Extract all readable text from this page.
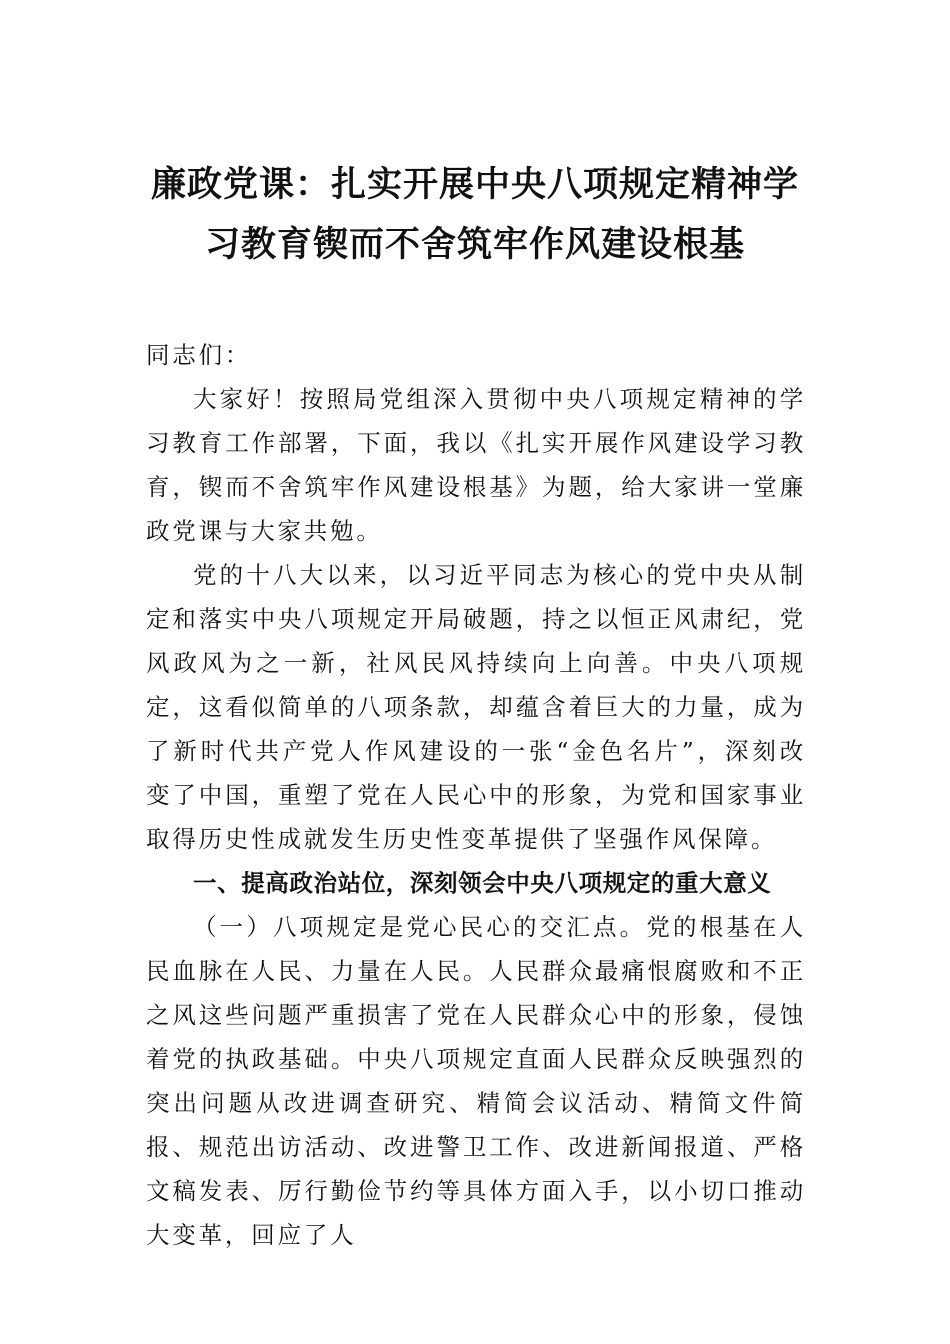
廉政党课：扎实开展中央八项规定精神学
习教育锲而不舍筑牢作风建设根基

同志们：

大家好！按照局党组深入贯彻中央八项规定精神的学习教育工作部署，下面，我以《扎实开展作风建设学习教育，锲而不舍筑牢作风建设根基》为题，给大家讲一堂廉政党课与大家共勉。

党的十八大以来，以习近平同志为核心的党中央从制定和落实中央八项规定开局破题，持之以恒正风肃纪，党风政风为之一新，社风民风持续向上向善。中央八项规定，这看似简单的八项条款，却蕴含着巨大的力量，成为了新时代共产党人作风建设的一张“金色名片”，深刻改变了中国，重塑了党在人民心中的形象，为党和国家事业取得历史性成就发生历史性变革提供了坚强作风保障。

一、提高政治站位，深刻领会中央八项规定的重大意义

（一）八项规定是党心民心的交汇点。党的根基在人民血脉在人民、力量在人民。人民群众最痛恨腐败和不正之风这些问题严重损害了党在人民群众心中的形象，侵蚀着党的执政基础。中央八项规定直面人民群众反映强烈的突出问题从改进调查研究、精简会议活动、精简文件简报、规范出访活动、改进警卫工作、改进新闻报道、严格文稿发表、厉行勤俭节约等具体方面入手，以小切口推动大变革，回应了人
